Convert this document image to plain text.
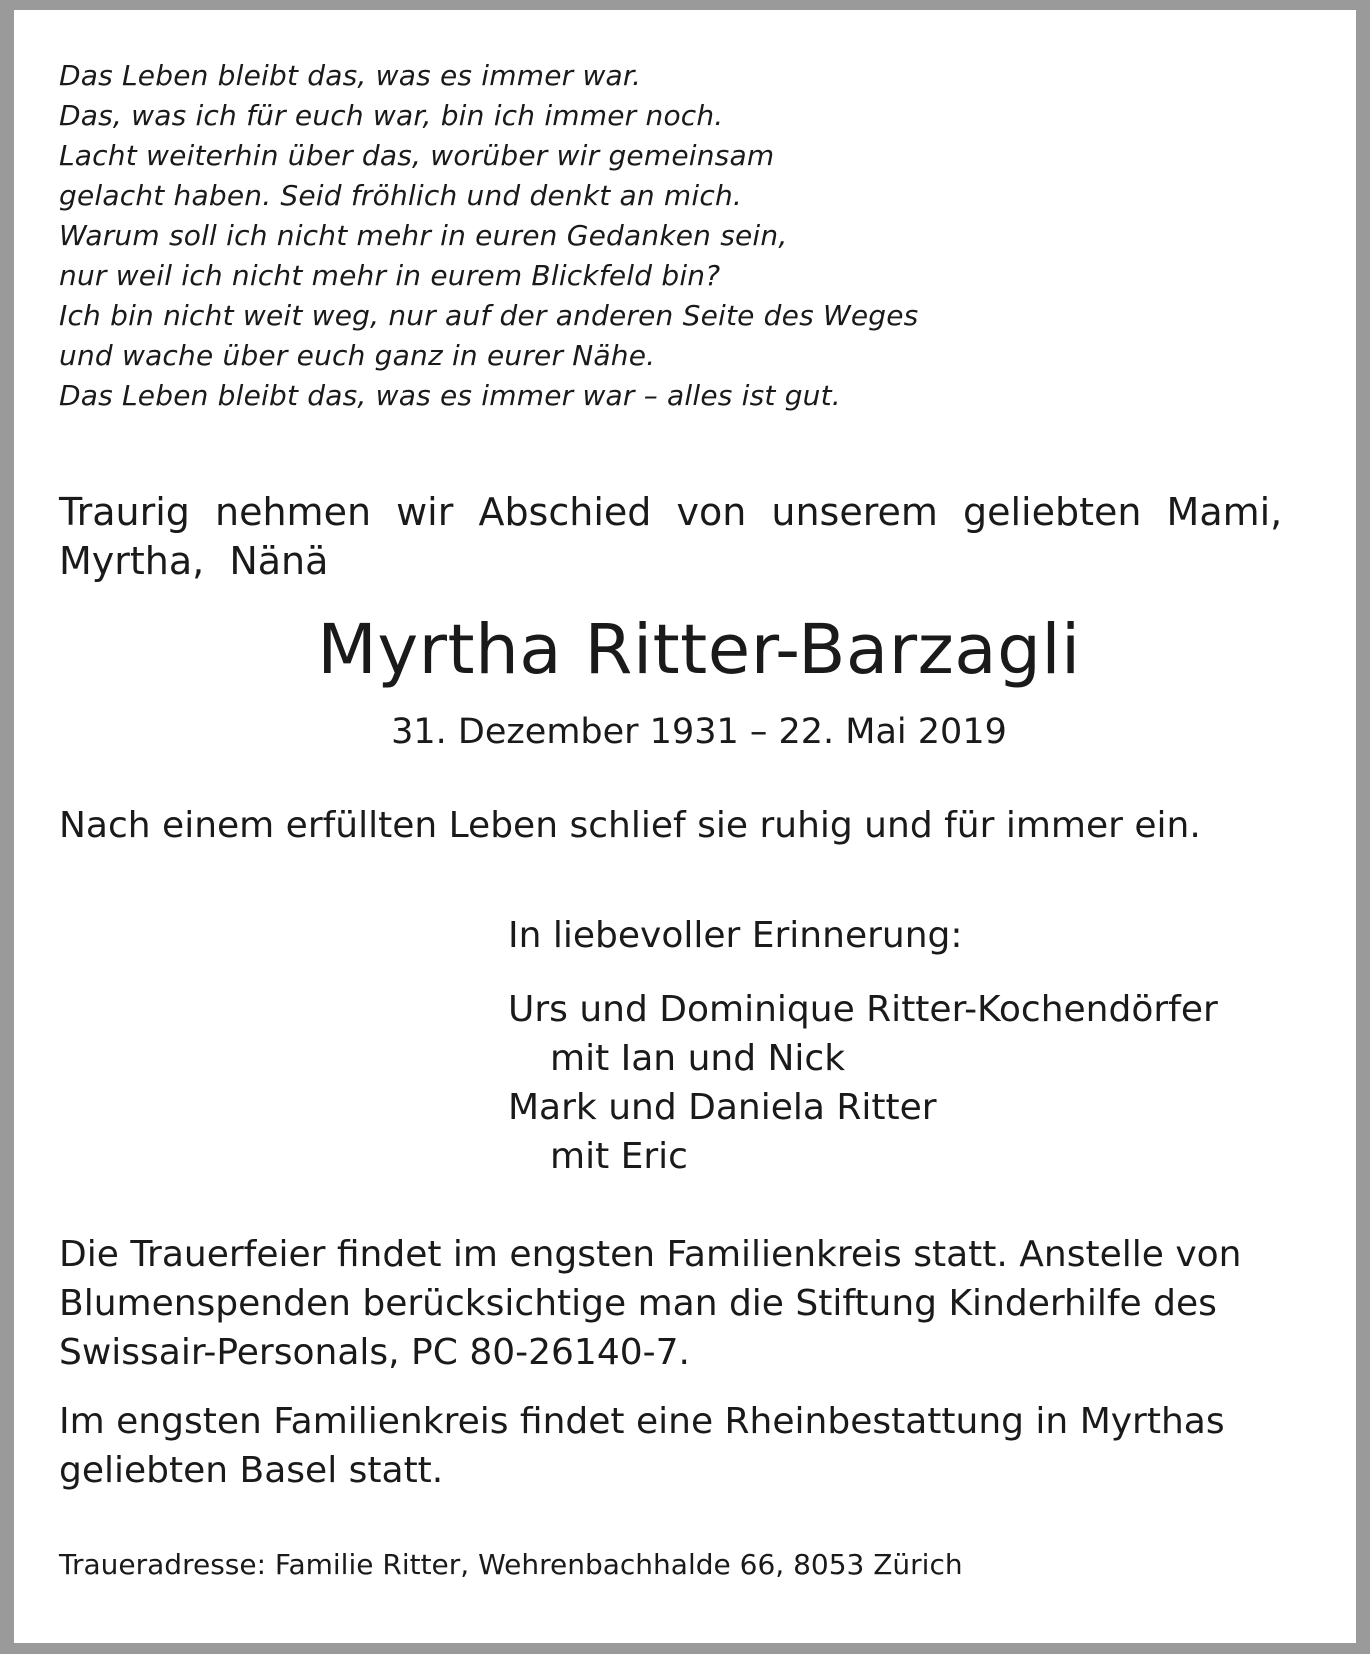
Das Leben bleibt das, was es immer war.
Das, was ich für euch war, bin ich immer noch.
Lacht weiterhin über das, worüber wir gemeinsam
gelacht haben. Seid fröhlich und denkt an mich.
Warum soll ich nicht mehr in euren Gedanken sein,
nur weil ich nicht mehr in eurem Blickfeld bin?
Ich bin nicht weit weg, nur auf der anderen Seite des Weges
und wache über euch ganz in eurer Nähe.
Das Leben bleibt das, was es immer war – alles ist gut.
Traurig nehmen wir Abschied von unserem geliebten Mami,
Myrtha, Nänä
Myrtha Ritter-Barzagli
31. Dezember 1931 – 22. Mai 2019
Nach einem erfüllten Leben schlief sie ruhig und für immer ein.
In liebevoller Erinnerung:
Urs und Dominique Ritter-Kochendörfer
mit Ian und Nick
Mark und Daniela Ritter
mit Eric
Die Trauerfeier findet im engsten Familienkreis statt. Anstelle von
Blumenspenden berücksichtige man die Stiftung Kinderhilfe des
Swissair-Personals, PC 80-26140-7.
Im engsten Familienkreis findet eine Rheinbestattung in Myrthas
geliebten Basel statt.
Traueradresse: Familie Ritter, Wehrenbachhalde 66, 8053 Zürich
